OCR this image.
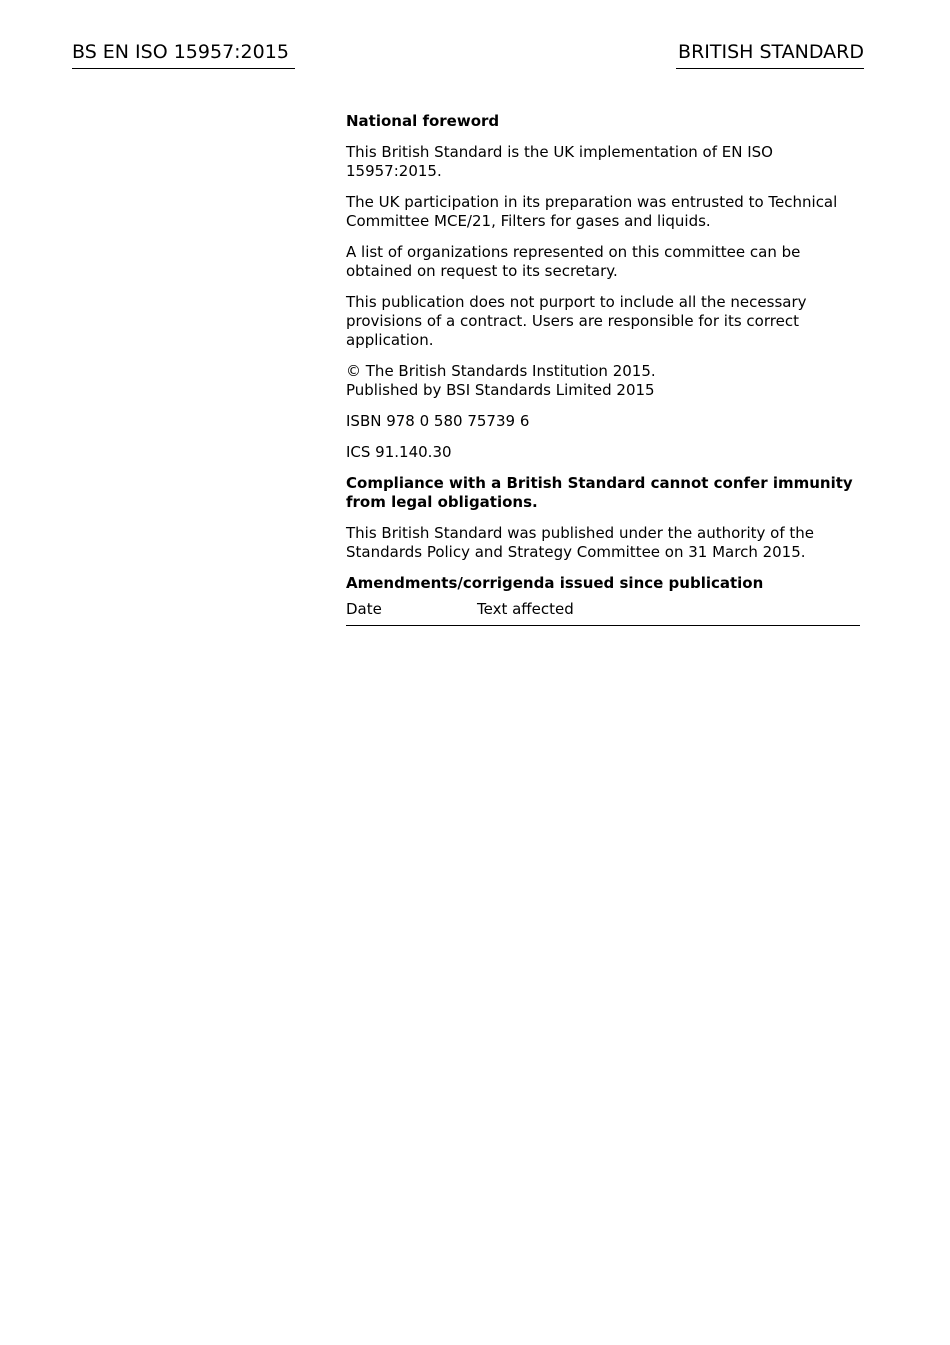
BS EN ISO 15957:2015	BRITISH STANDARD
National foreword

This British Standard is the UK implementation of EN ISO 15957:2015.

The UK participation in its preparation was entrusted to Technical Committee MCE/21, Filters for gases and liquids.

A list of organizations represented on this committee can be obtained on request to its secretary.

This publication does not purport to include all the necessary provisions of a contract. Users are responsible for its correct application.

© The British Standards Institution 2015.
Published by BSI Standards Limited 2015

ISBN 978 0 580 75739 6

ICS 91.140.30

Compliance with a British Standard cannot confer immunity from legal obligations.

This British Standard was published under the authority of the Standards Policy and Strategy Committee on 31 March 2015.

Amendments/corrigenda issued since publication
Date	Text affected
